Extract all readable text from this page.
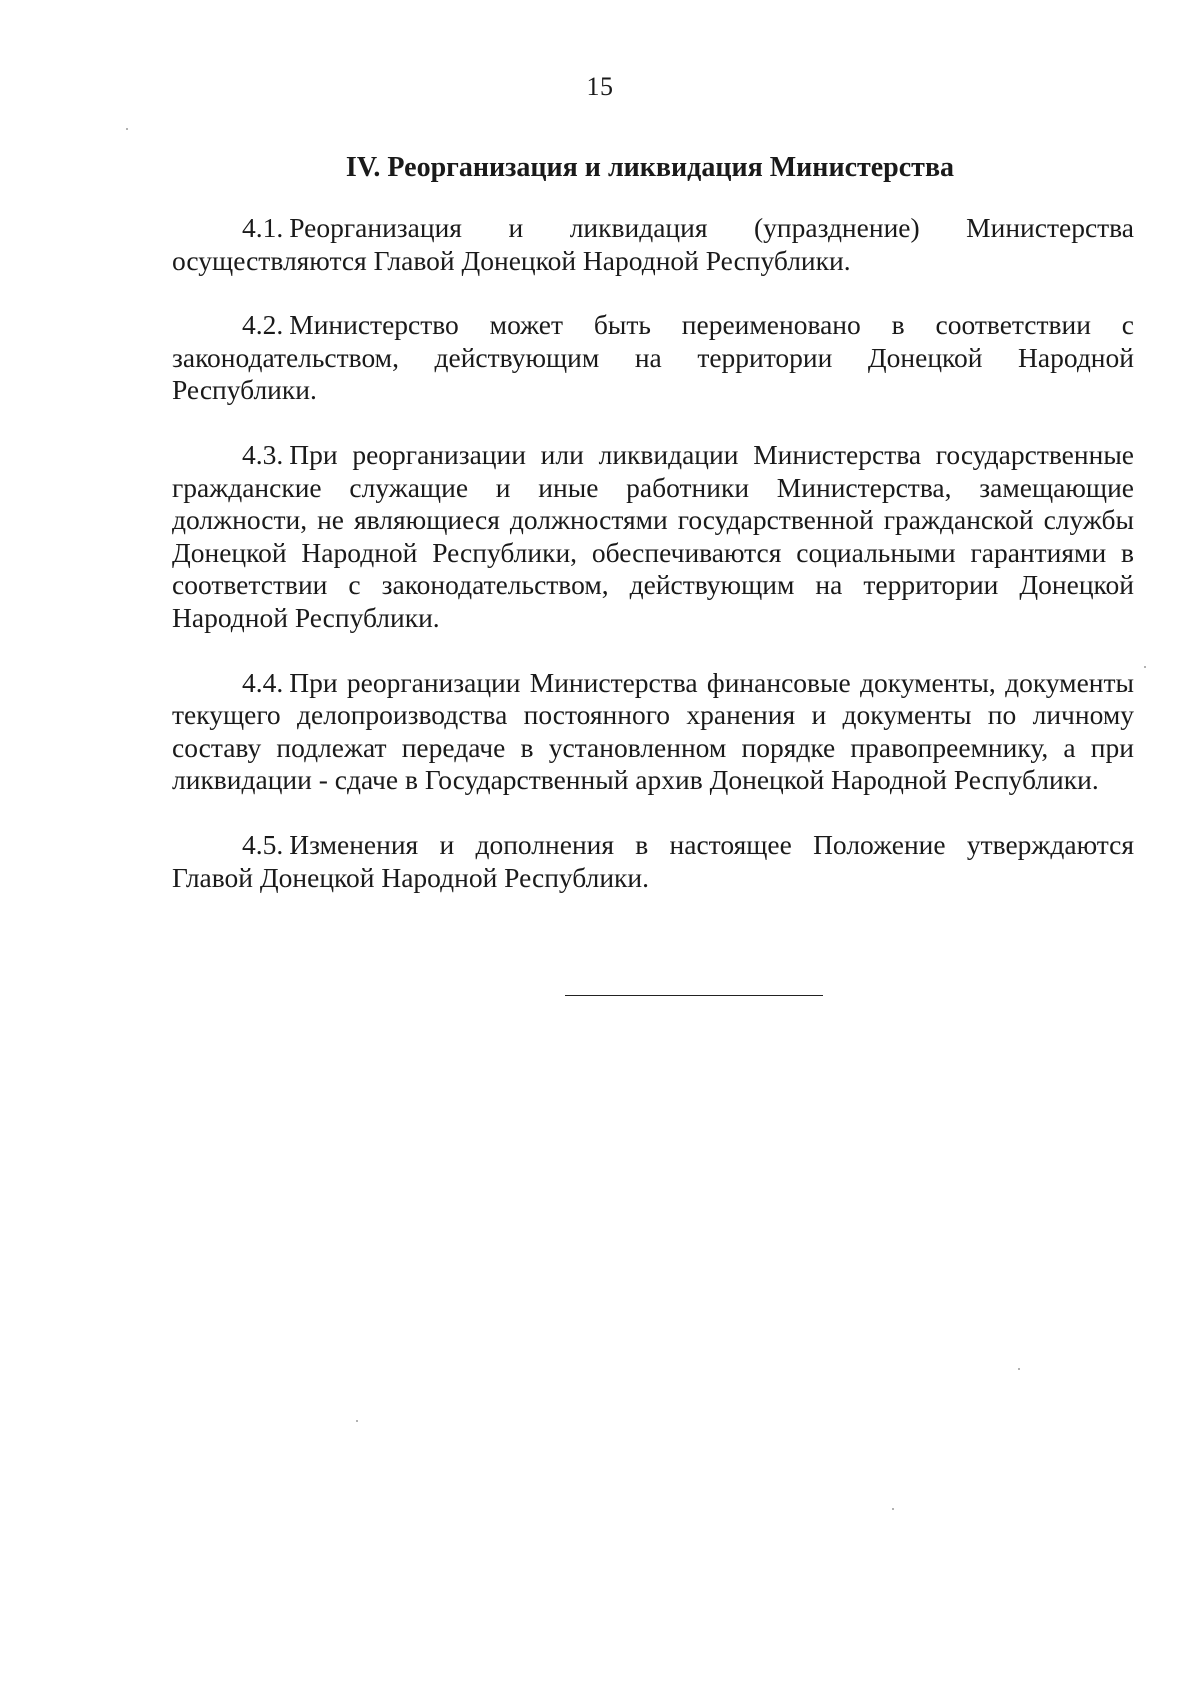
15
IV. Реорганизация и ликвидация Министерства

4.1. Реорганизация и ликвидация (упразднение) Министерства осуществляются Главой Донецкой Народной Республики.

4.2. Министерство может быть переименовано в соответствии с законодательством, действующим на территории Донецкой Народной Республики.

4.3. При реорганизации или ликвидации Министерства государственные гражданские служащие и иные работники Министерства, замещающие должности, не являющиеся должностями государственной гражданской службы Донецкой Народной Республики, обеспечиваются социальными гарантиями в соответствии с законодательством, действующим на территории Донецкой Народной Республики.

4.4. При реорганизации Министерства финансовые документы, документы текущего делопроизводства постоянного хранения и документы по личному составу подлежат передаче в установленном порядке правопреемнику, а при ликвидации - сдаче в Государственный архив Донецкой Народной Республики.

4.5. Изменения и дополнения в настоящее Положение утверждаются Главой Донецкой Народной Республики.
